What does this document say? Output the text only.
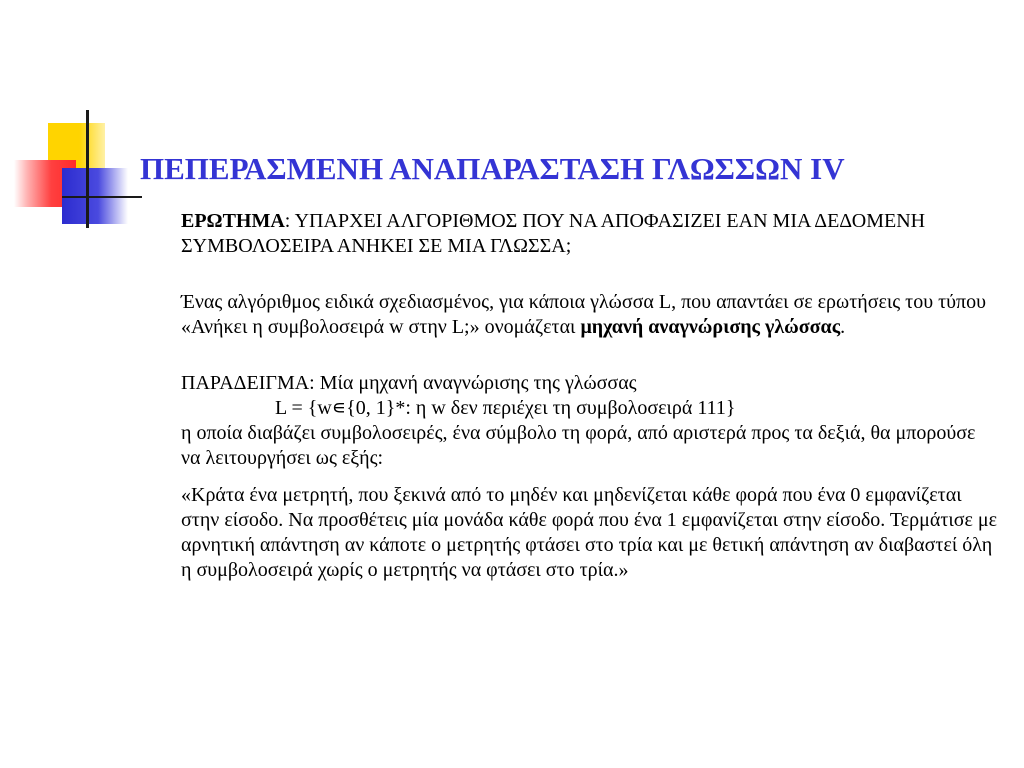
ΠΕΠΕΡΑΣΜΕΝΗ ΑΝΑΠΑΡΑΣΤΑΣΗ ΓΛΩΣΣΩΝ IV

ΕΡΩΤΗΜΑ: ΥΠΑΡΧΕΙ ΑΛΓΟΡΙΘΜΟΣ ΠΟΥ ΝΑ ΑΠΟΦΑΣΙΖΕΙ ΕΑΝ ΜΙΑ ΔΕΔΟΜΕΝΗ ΣΥΜΒΟΛΟΣΕΙΡΑ ΑΝΗΚΕΙ ΣΕ ΜΙΑ ΓΛΩΣΣΑ;

Ένας αλγόριθμος ειδικά σχεδιασμένος, για κάποια γλώσσα L, που απαντάει σε ερωτήσεις του τύπου «Ανήκει η συμβολοσειρά w στην L;» ονομάζεται μηχανή αναγνώρισης γλώσσας.

ΠΑΡΑΔΕΙΓΜΑ: Μία μηχανή αναγνώρισης της γλώσσας

L = {w∊{0, 1}*: η w δεν περιέχει τη συμβολοσειρά 111}

η οποία διαβάζει συμβολοσειρές, ένα σύμβολο τη φορά, από αριστερά προς τα δεξιά, θα μπορούσε να λειτουργήσει ως εξής:

«Κράτα ένα μετρητή, που ξεκινά από το μηδέν και μηδενίζεται κάθε φορά που ένα 0 εμφανίζεται στην είσοδο. Να προσθέτεις μία μονάδα κάθε φορά που ένα 1 εμφανίζεται στην είσοδο. Τερμάτισε με αρνητική απάντηση αν κάποτε ο μετρητής φτάσει στο τρία και με θετική απάντηση αν διαβαστεί όλη η συμβολοσειρά χωρίς ο μετρητής να φτάσει στο τρία.»
